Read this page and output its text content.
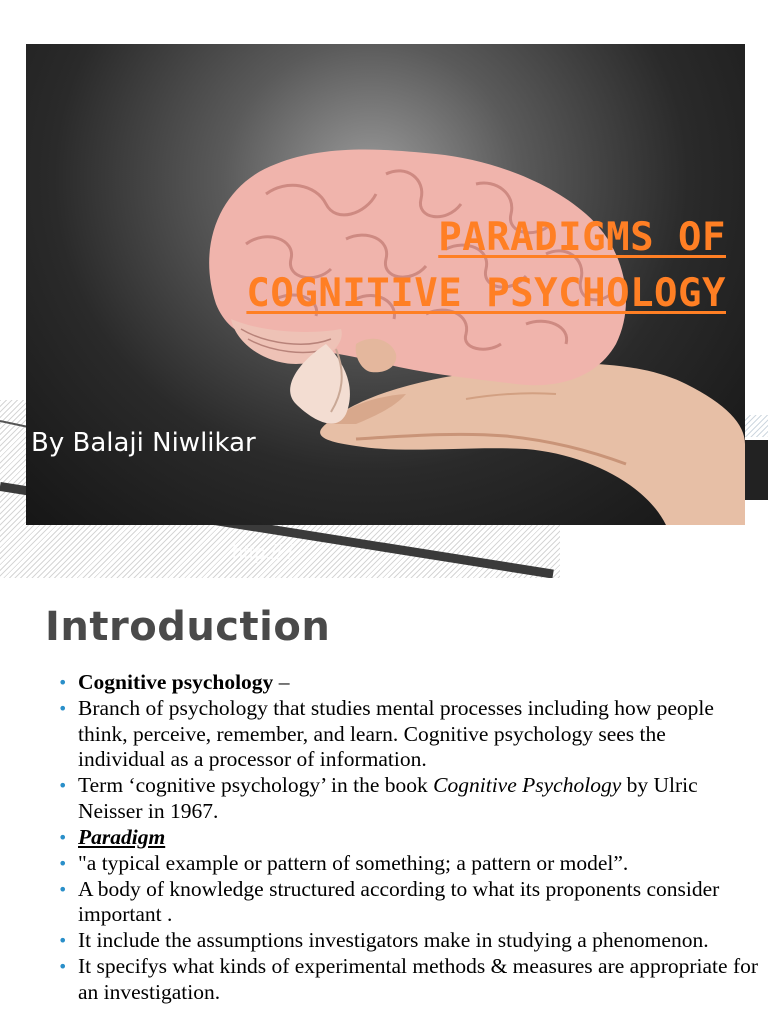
PARADIGMS OF
COGNITIVE PSYCHOLOGY
By Balaji Niwlikar
http:// /
Introduction
• Cognitive psychology –
• Branch of psychology that studies mental processes including how people think, perceive, remember, and learn. Cognitive psychology sees the individual as a processor of information.
• Term ‘cognitive psychology’ in the book Cognitive Psychology by Ulric Neisser in 1967.
• Paradigm
• "a typical example or pattern of something; a pattern or model”.
• A body of knowledge structured according to what its proponents consider important .
• It include the assumptions investigators make in studying a phenomenon.
• It specifys what kinds of experimental methods & measures are appropriate for an investigation.
